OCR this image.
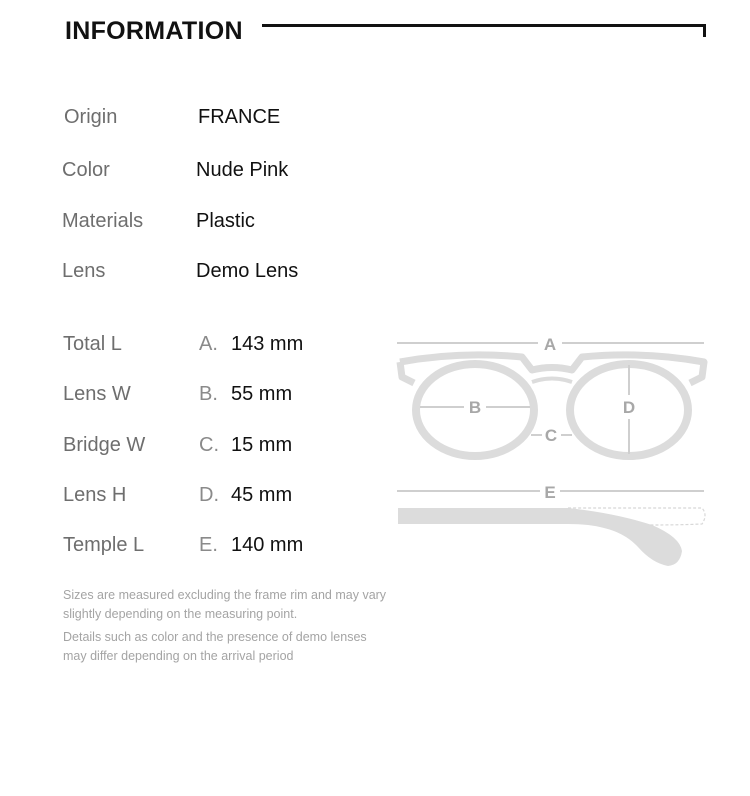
INFORMATION
Origin	FRANCE
Color	Nude Pink
Materials	Plastic
Lens	Demo Lens
Total L	A. 143 mm
Lens W	B. 55 mm
Bridge W	C. 15 mm
Lens H	D. 45 mm
Temple L	E. 140 mm
A
B
C
D
E
Sizes are measured excluding the frame rim and may vary slightly depending on the measuring point.
Details such as color and the presence of demo lenses may differ depending on the arrival period
